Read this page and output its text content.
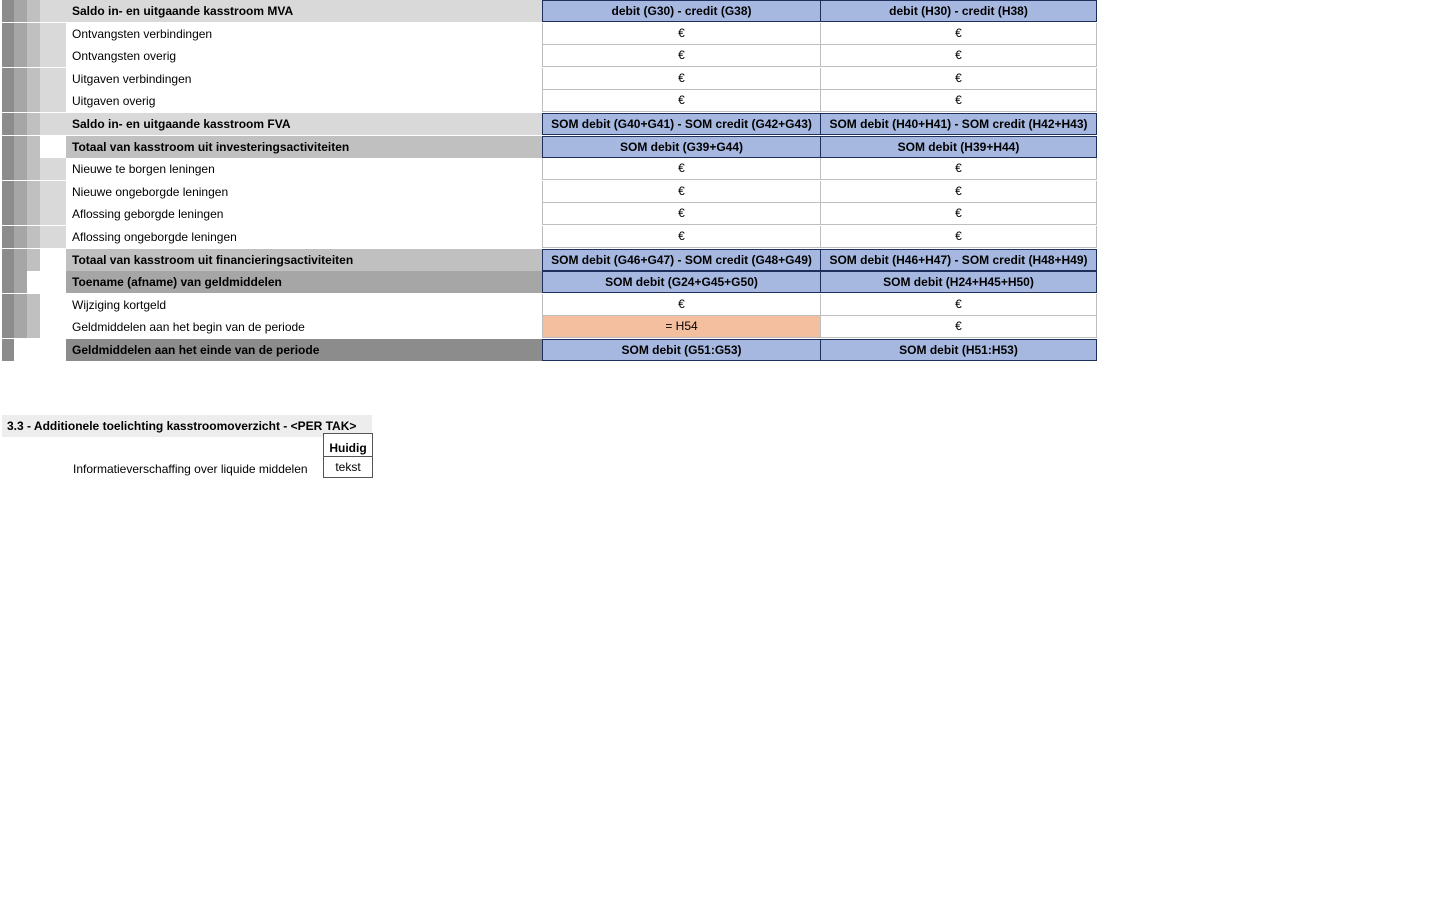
Saldo in- en uitgaande kasstroom MVA	debit (G30) - credit (G38)	debit (H30) - credit (H38)
Ontvangsten verbindingen	€	€
Ontvangsten overig	€	€
Uitgaven verbindingen	€	€
Uitgaven overig	€	€
Saldo in- en uitgaande kasstroom FVA	SOM debit (G40+G41) - SOM credit (G42+G43)	SOM debit (H40+H41) - SOM credit (H42+H43)
Totaal van kasstroom uit investeringsactiviteiten	SOM debit (G39+G44)	SOM debit (H39+H44)
Nieuwe te borgen leningen	€	€
Nieuwe ongeborgde leningen	€	€
Aflossing geborgde leningen	€	€
Aflossing ongeborgde leningen	€	€
Totaal van kasstroom uit financieringsactiviteiten	SOM debit (G46+G47) - SOM credit (G48+G49)	SOM debit (H46+H47) - SOM credit (H48+H49)
Toename (afname) van geldmiddelen	SOM debit (G24+G45+G50)	SOM debit (H24+H45+H50)
Wijziging kortgeld	€	€
Geldmiddelen aan het begin van de periode	= H54	€
Geldmiddelen aan het einde van de periode	SOM debit (G51:G53)	SOM debit (H51:H53)
3.3 - Additionele toelichting kasstroomoverzicht - <PER TAK>
Huidig
Informatieverschaffing over liquide middelen	tekst
